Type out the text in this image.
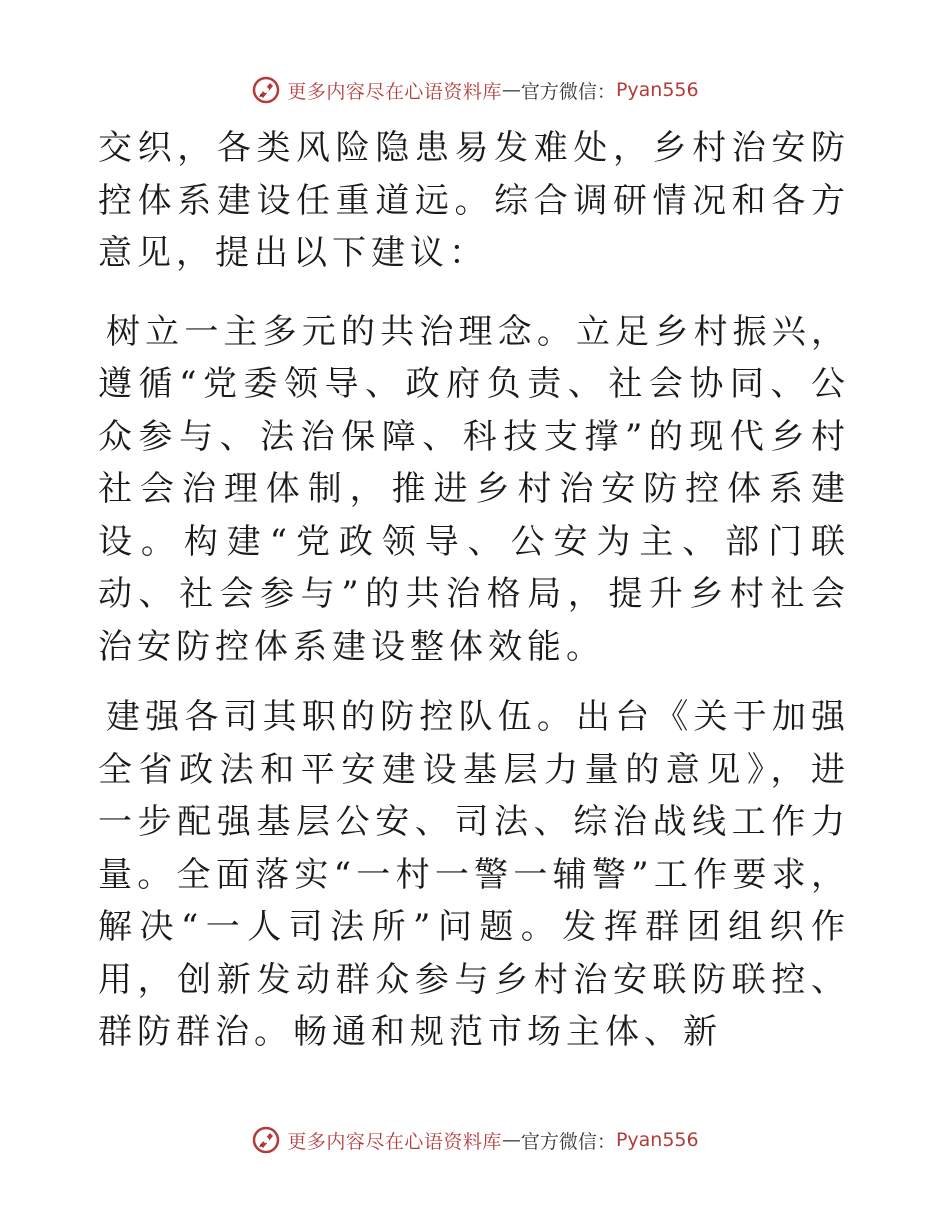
更多内容尽在心语资料库 — 官方微信： Pyan556

交织，各类风险隐患易发难处，乡村治安防控体系建设任重道远。综合调研情况和各方意见，提出以下建议：

树立一主多元的共治理念。立足乡村振兴，遵循“党委领导、政府负责、社会协同、公众参与、法治保障、科技支撑”的现代乡村社会治理体制，推进乡村治安防控体系建设。构建“党政领导、公安为主、部门联动、社会参与”的共治格局，提升乡村社会治安防控体系建设整体效能。

建强各司其职的防控队伍。出台《关于加强全省政法和平安建设基层力量的意见》，进一步配强基层公安、司法、综治战线工作力量。全面落实“一村一警一辅警”工作要求，解决“一人司法所”问题。发挥群团组织作用，创新发动群众参与乡村治安联防联控、群防群治。畅通和规范市场主体、新

更多内容尽在心语资料库 — 官方微信： Pyan556
